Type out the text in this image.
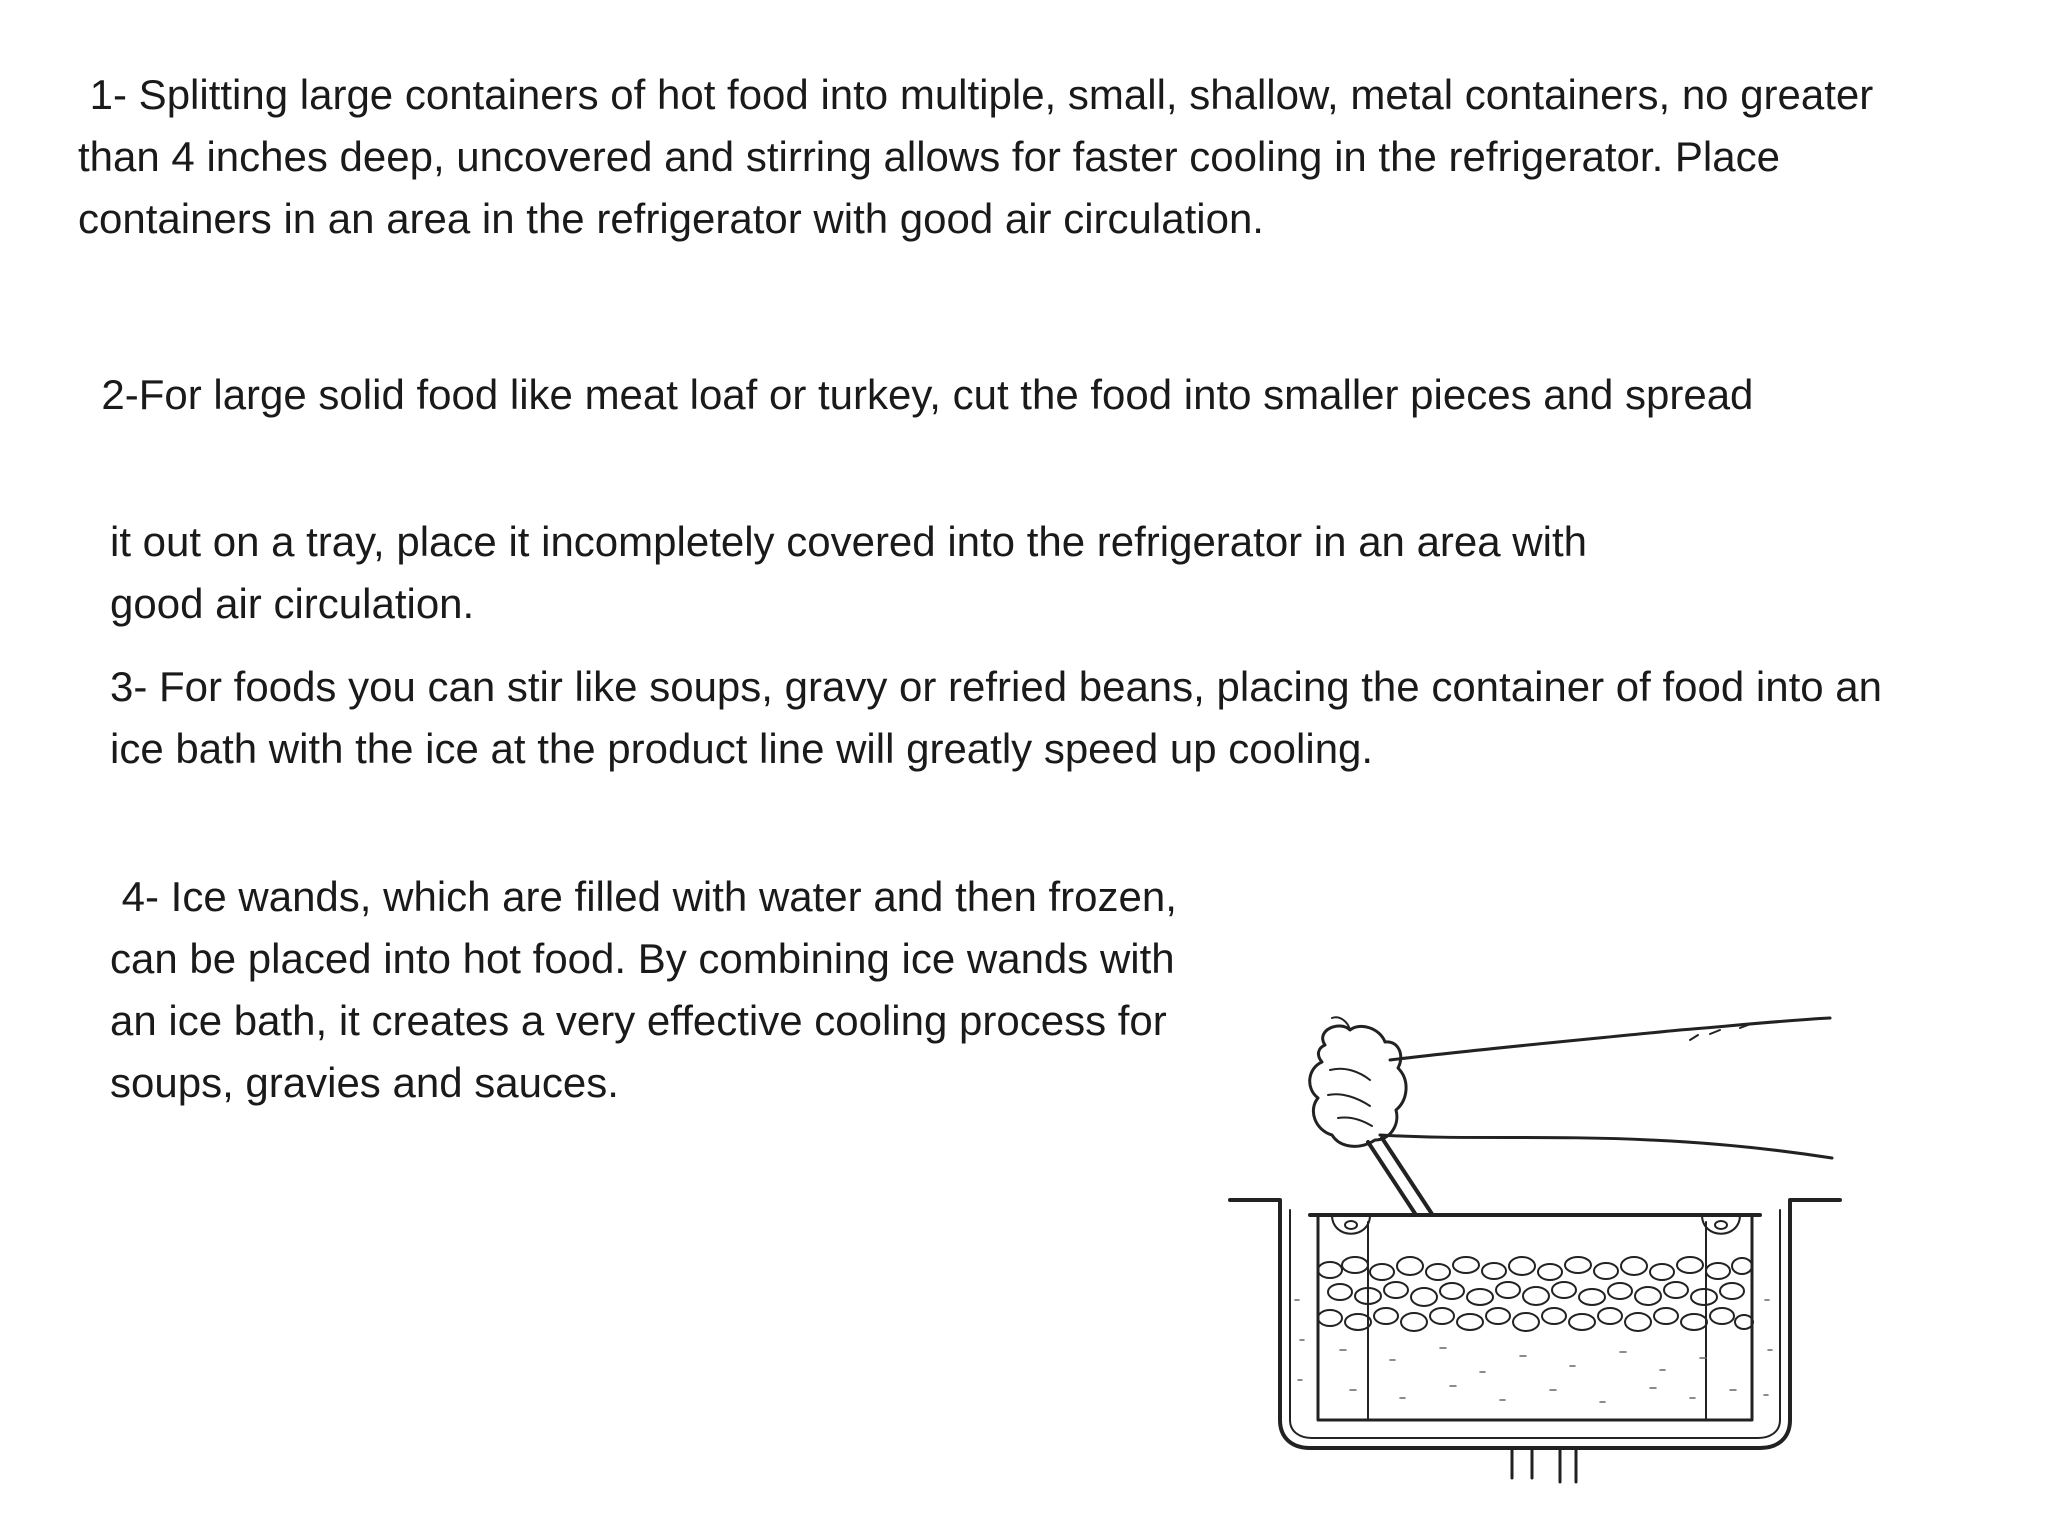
1- Splitting large containers of hot food into multiple, small, shallow, metal containers, no greater than 4 inches deep, uncovered and stirring allows for faster cooling in the refrigerator. Place containers in an area in the refrigerator with good air circulation.

2-For large solid food like meat loaf or turkey, cut the food into smaller pieces and spread

it out on a tray, place it incompletely covered into the refrigerator in an area with good air circulation.

3- For foods you can stir like soups, gravy or refried beans, placing the container of food into an ice bath with the ice at the product line will greatly speed up cooling.

4- Ice wands, which are filled with water and then frozen, can be placed into hot food. By combining ice wands with an ice bath, it creates a very effective cooling process for soups, gravies and sauces.
